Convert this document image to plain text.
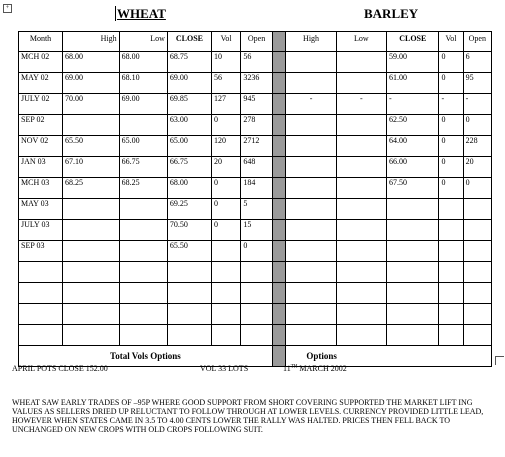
+	WHEAT	BARLEY
Month	High	Low	CLOSE	Vol	Open		High	Low	CLOSE	Vol	Open
MCH 02	68.00	68.00	68.75	10	56				59.00	0	6
MAY 02	69.00	68.10	69.00	56	3236				61.00	0	95
JULY 02	70.00	69.00	69.85	127	945		-	-	-	-	-
SEP 02			63.00	0	278				62.50	0	0
NOV 02	65.50	65.00	65.00	120	2712				64.00	0	228
JAN 03	67.10	66.75	66.75	20	648				66.00	0	20
MCH 03	68.25	68.25	68.00	0	184				67.50	0	0
MAY 03			69.25	0	5						
JULY 03			70.50	0	15						
SEP 03			65.50		0						

Total Vols Options							Options				
APRIL POTS CLOSE 152.00	VOL 33 LOTS	11TH MARCH 2002

WHEAT SAW EARLY TRADES OF –95P WHERE GOOD SUPPORT FROM SHORT COVERING SUPPORTED THE MARKET LIFT ING VALUES AS SELLERS DRIED UP RELUCTANT TO FOLLOW THROUGH AT LOWER LEVELS. CURRENCY PROVIDED LITTLE LEAD, HOWEVER WHEN STATES CAME IN 3.5 TO 4.00 CENTS LOWER THE RALLY WAS HALTED. PRICES THEN FELL BACK TO UNCHANGED ON NEW CROPS WITH OLD CROPS FOLLOWING SUIT.
